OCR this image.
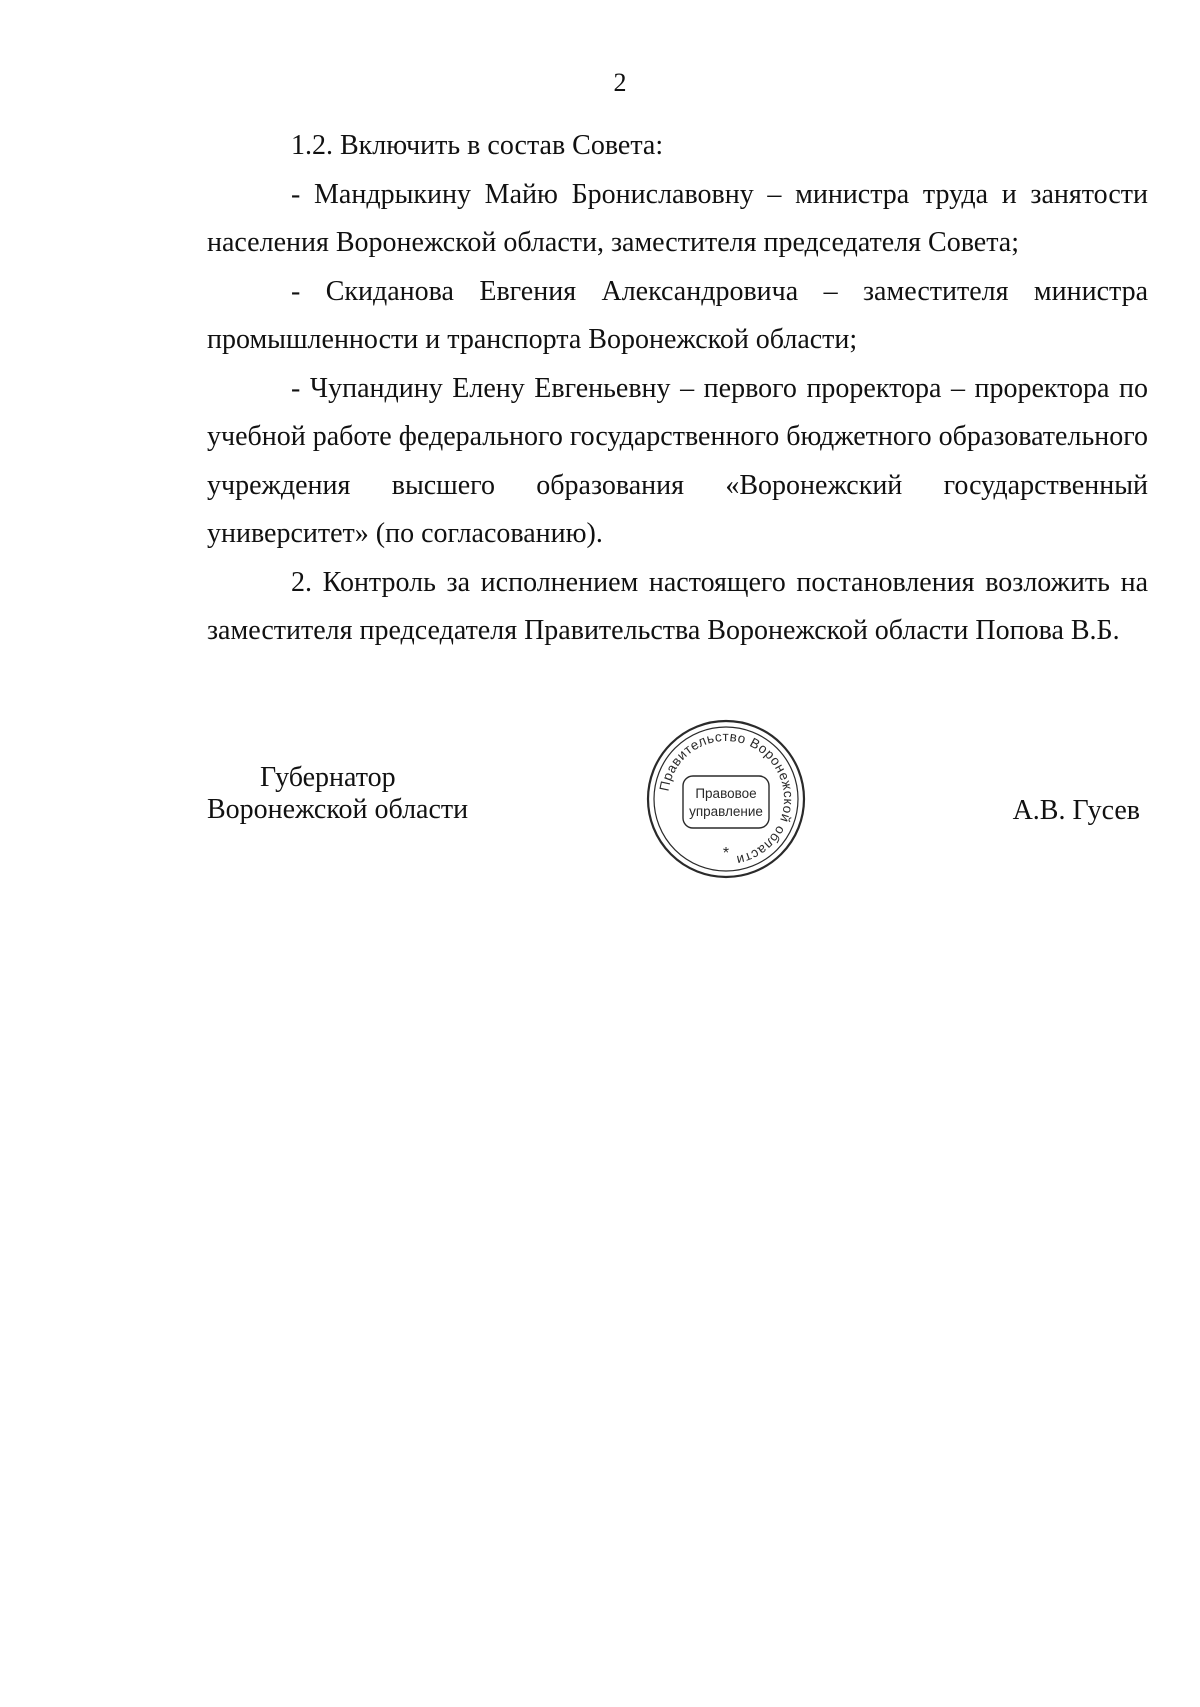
2

1.2. Включить в состав Совета:

- Мандрыкину Майю Брониславовну – министра труда и занятости населения Воронежской области, заместителя председателя Совета;

- Скиданова Евгения Александровича – заместителя министра промышленности и транспорта Воронежской области;

- Чупандину Елену Евгеньевну – первого проректора – проректора по учебной работе федерального государственного бюджетного образовательного учреждения высшего образования «Воронежский государственный университет» (по согласованию).

2. Контроль за исполнением настоящего постановления возложить на заместителя председателя Правительства Воронежской области Попова В.Б.

Губернатор
Воронежской области	А.В. Гусев
Правительство Воронежской области
Правовое
управление
*
